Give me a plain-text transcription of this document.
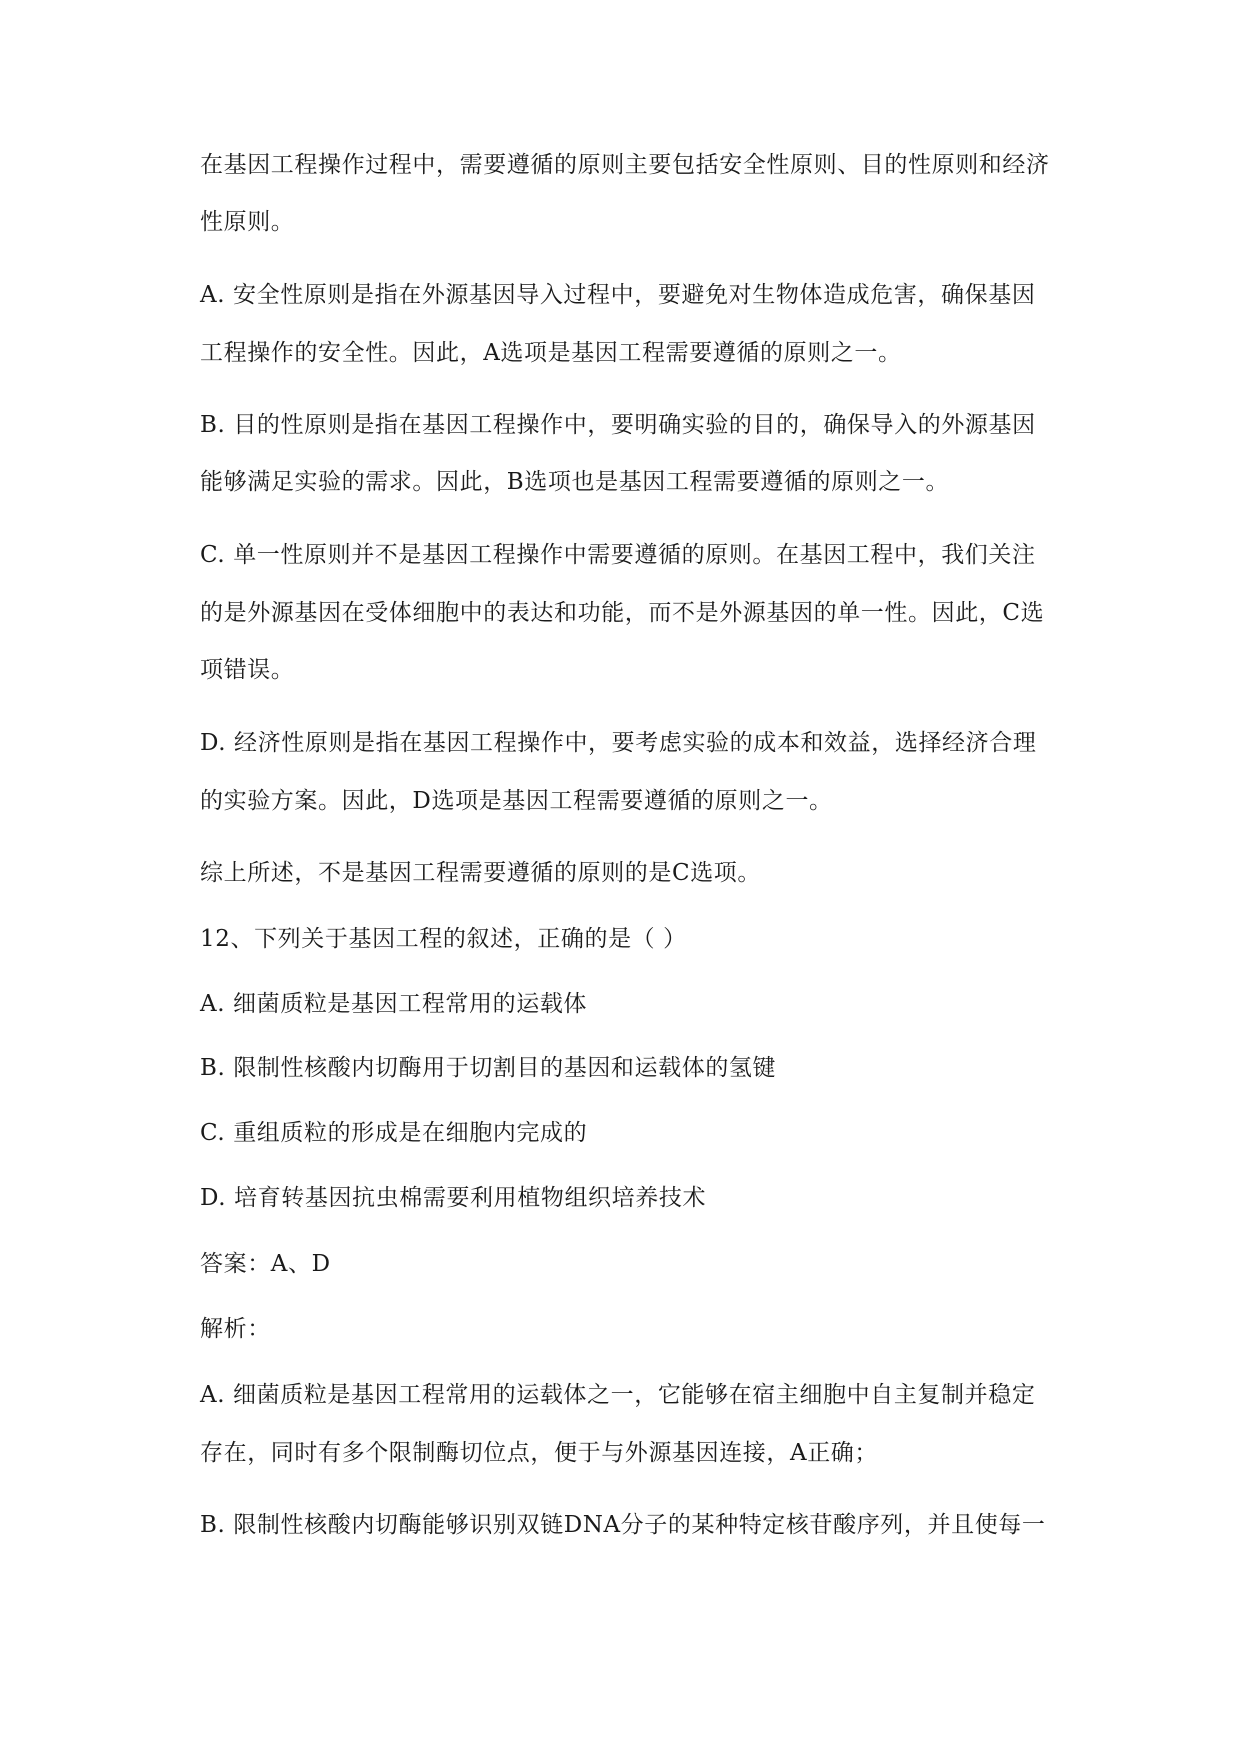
在基因工程操作过程中，需要遵循的原则主要包括安全性原则、目的性原则和经济
性原则。
A. 安全性原则是指在外源基因导入过程中，要避免对生物体造成危害，确保基因
工程操作的安全性。因此，A选项是基因工程需要遵循的原则之一。
B. 目的性原则是指在基因工程操作中，要明确实验的目的，确保导入的外源基因
能够满足实验的需求。因此，B选项也是基因工程需要遵循的原则之一。
C. 单一性原则并不是基因工程操作中需要遵循的原则。在基因工程中，我们关注
的是外源基因在受体细胞中的表达和功能，而不是外源基因的单一性。因此，C选
项错误。
D. 经济性原则是指在基因工程操作中，要考虑实验的成本和效益，选择经济合理
的实验方案。因此，D选项是基因工程需要遵循的原则之一。
综上所述，不是基因工程需要遵循的原则的是C选项。
12、下列关于基因工程的叙述，正确的是（ ）
A. 细菌质粒是基因工程常用的运载体
B. 限制性核酸内切酶用于切割目的基因和运载体的氢键
C. 重组质粒的形成是在细胞内完成的
D. 培育转基因抗虫棉需要利用植物组织培养技术
答案：A、D
解析：
A. 细菌质粒是基因工程常用的运载体之一，它能够在宿主细胞中自主复制并稳定
存在，同时有多个限制酶切位点，便于与外源基因连接，A正确；
B. 限制性核酸内切酶能够识别双链DNA分子的某种特定核苷酸序列，并且使每一
